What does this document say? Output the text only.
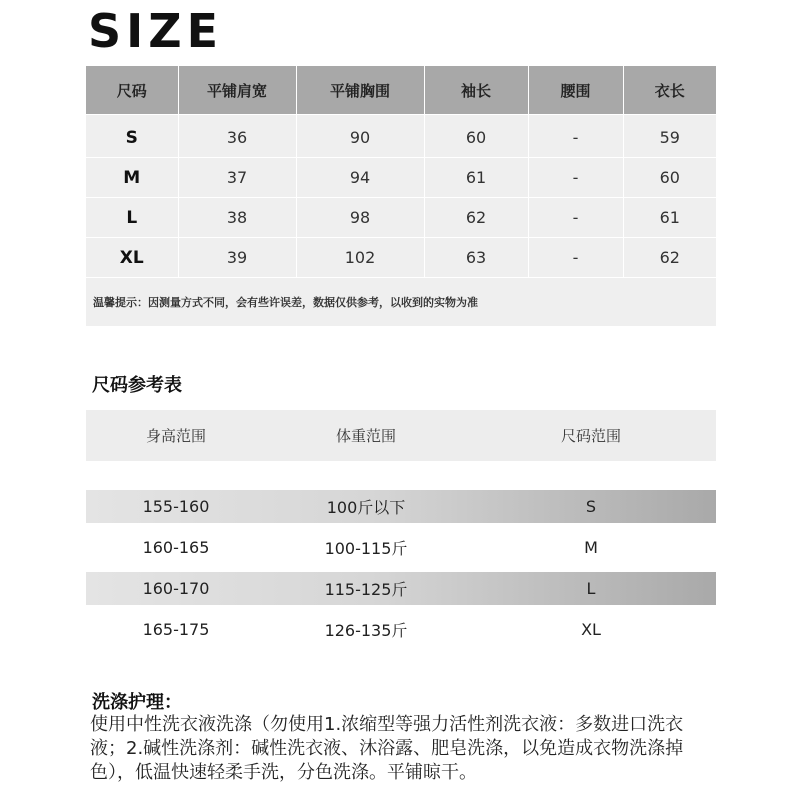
SIZE
尺码	平铺肩宽	平铺胸围	袖长	腰围	衣长
S	36	90	60	-	59
M	37	94	61	-	60
L	38	98	62	-	61
XL	39	102	63	-	62
温馨提示：因测量方式不同，会有些许误差，数据仅供参考，以收到的实物为准					
尺码参考表
身高范围	体重范围	尺码范围
155-160	100斤以下	S
160-165	100-115斤	M
160-170	115-125斤	L
165-175	126-135斤	XL
洗涤护理：
使用中性洗衣液洗涤（勿使用1.浓缩型等强力活性剂洗衣液：多数进口洗衣液；2.碱性洗涤剂：碱性洗衣液、沐浴露、肥皂洗涤，以免造成衣物洗涤掉色），低温快速轻柔手洗，分色洗涤。平铺晾干。
